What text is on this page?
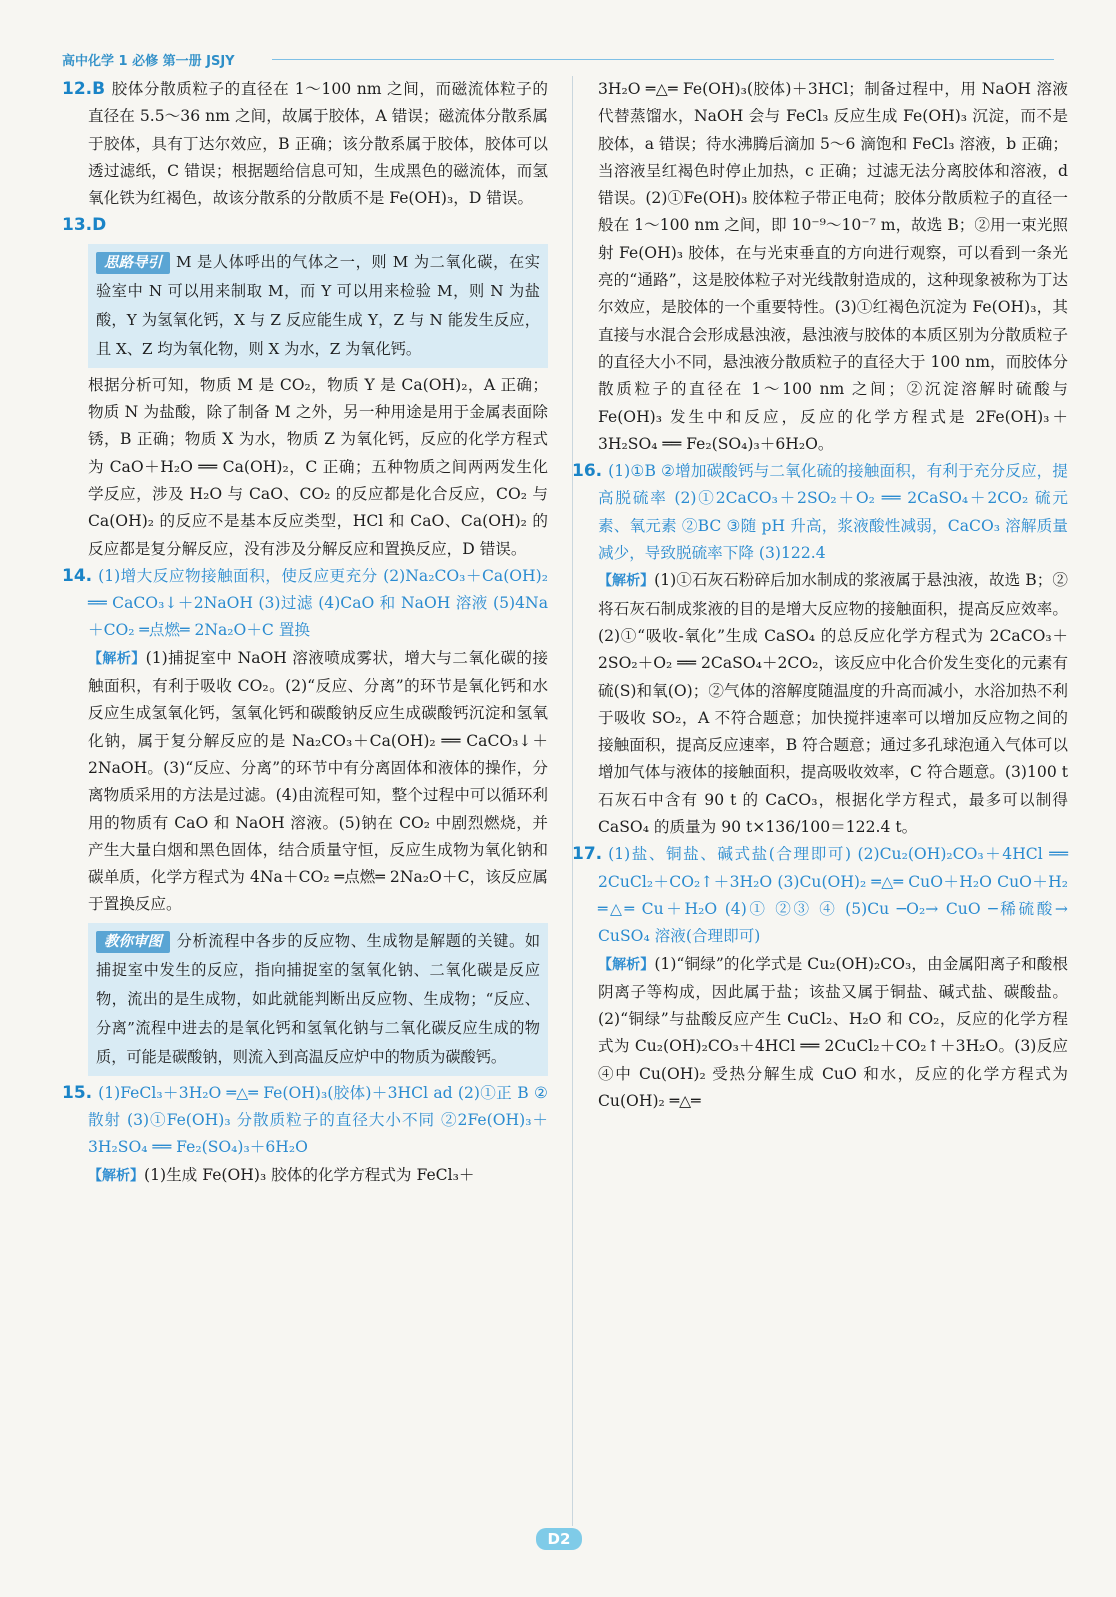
高中化学 1 必修 第一册 JSJY

12.B 胶体分散质粒子的直径在 1～100 nm 之间，而磁流体粒子的直径在 5.5～36 nm 之间，故属于胶体，A 错误；磁流体分散系属于胶体，具有丁达尔效应，B 正确；该分散系属于胶体，胶体可以透过滤纸，C 错误；根据题给信息可知，生成黑色的磁流体，而氢氧化铁为红褐色，故该分散系的分散质不是 Fe(OH)₃，D 错误。

13.D

思路导引 M 是人体呼出的气体之一，则 M 为二氧化碳，在实验室中 N 可以用来制取 M，而 Y 可以用来检验 M，则 N 为盐酸，Y 为氢氧化钙，X 与 Z 反应能生成 Y，Z 与 N 能发生反应，且 X、Z 均为氧化物，则 X 为水，Z 为氧化钙。

根据分析可知，物质 M 是 CO₂，物质 Y 是 Ca(OH)₂，A 正确；物质 N 为盐酸，除了制备 M 之外，另一种用途是用于金属表面除锈，B 正确；物质 X 为水，物质 Z 为氧化钙，反应的化学方程式为 CaO＋H₂O ══ Ca(OH)₂，C 正确；五种物质之间两两发生化学反应，涉及 H₂O 与 CaO、CO₂ 的反应都是化合反应，CO₂ 与 Ca(OH)₂ 的反应不是基本反应类型，HCl 和 CaO、Ca(OH)₂ 的反应都是复分解反应，没有涉及分解反应和置换反应，D 错误。

14. (1)增大反应物接触面积，使反应更充分 (2)Na₂CO₃＋Ca(OH)₂ ══ CaCO₃↓＋2NaOH (3)过滤 (4)CaO 和 NaOH 溶液 (5)4Na＋CO₂ ═点燃═ 2Na₂O＋C 置换

【解析】(1)捕捉室中 NaOH 溶液喷成雾状，增大与二氧化碳的接触面积，有利于吸收 CO₂。(2)“反应、分离”的环节是氧化钙和水反应生成氢氧化钙，氢氧化钙和碳酸钠反应生成碳酸钙沉淀和氢氧化钠，属于复分解反应的是 Na₂CO₃＋Ca(OH)₂ ══ CaCO₃↓＋2NaOH。(3)“反应、分离”的环节中有分离固体和液体的操作，分离物质采用的方法是过滤。(4)由流程可知，整个过程中可以循环利用的物质有 CaO 和 NaOH 溶液。(5)钠在 CO₂ 中剧烈燃烧，并产生大量白烟和黑色固体，结合质量守恒，反应生成物为氧化钠和碳单质，化学方程式为 4Na＋CO₂ ═点燃═ 2Na₂O＋C，该反应属于置换反应。

教你审图 分析流程中各步的反应物、生成物是解题的关键。如捕捉室中发生的反应，指向捕捉室的氢氧化钠、二氧化碳是反应物，流出的是生成物，如此就能判断出反应物、生成物；“反应、分离”流程中进去的是氧化钙和氢氧化钠与二氧化碳反应生成的物质，可能是碳酸钠，则流入到高温反应炉中的物质为碳酸钙。

15. (1)FeCl₃＋3H₂O ═△═ Fe(OH)₃(胶体)＋3HCl ad (2)①正 B ②散射 (3)①Fe(OH)₃ 分散质粒子的直径大小不同 ②2Fe(OH)₃＋3H₂SO₄ ══ Fe₂(SO₄)₃＋6H₂O

【解析】(1)生成 Fe(OH)₃ 胶体的化学方程式为 FeCl₃＋

3H₂O ═△═ Fe(OH)₃(胶体)＋3HCl；制备过程中，用 NaOH 溶液代替蒸馏水，NaOH 会与 FeCl₃ 反应生成 Fe(OH)₃ 沉淀，而不是胶体，a 错误；待水沸腾后滴加 5～6 滴饱和 FeCl₃ 溶液，b 正确；当溶液呈红褐色时停止加热，c 正确；过滤无法分离胶体和溶液，d 错误。(2)①Fe(OH)₃ 胶体粒子带正电荷；胶体分散质粒子的直径一般在 1～100 nm 之间，即 10⁻⁹～10⁻⁷ m，故选 B；②用一束光照射 Fe(OH)₃ 胶体，在与光束垂直的方向进行观察，可以看到一条光亮的“通路”，这是胶体粒子对光线散射造成的，这种现象被称为丁达尔效应，是胶体的一个重要特性。(3)①红褐色沉淀为 Fe(OH)₃，其直接与水混合会形成悬浊液，悬浊液与胶体的本质区别为分散质粒子的直径大小不同，悬浊液分散质粒子的直径大于 100 nm，而胶体分散质粒子的直径在 1～100 nm 之间；②沉淀溶解时硫酸与 Fe(OH)₃ 发生中和反应，反应的化学方程式是 2Fe(OH)₃＋3H₂SO₄ ══ Fe₂(SO₄)₃＋6H₂O。

16. (1)①B ②增加碳酸钙与二氧化硫的接触面积，有利于充分反应，提高脱硫率 (2)①2CaCO₃＋2SO₂＋O₂ ══ 2CaSO₄＋2CO₂ 硫元素、氧元素 ②BC ③随 pH 升高，浆液酸性减弱，CaCO₃ 溶解质量减少，导致脱硫率下降 (3)122.4

【解析】(1)①石灰石粉碎后加水制成的浆液属于悬浊液，故选 B；②将石灰石制成浆液的目的是增大反应物的接触面积，提高反应效率。(2)①“吸收-氧化”生成 CaSO₄ 的总反应化学方程式为 2CaCO₃＋2SO₂＋O₂ ══ 2CaSO₄＋2CO₂，该反应中化合价发生变化的元素有硫(S)和氧(O)；②气体的溶解度随温度的升高而减小，水浴加热不利于吸收 SO₂，A 不符合题意；加快搅拌速率可以增加反应物之间的接触面积，提高反应速率，B 符合题意；通过多孔球泡通入气体可以增加气体与液体的接触面积，提高吸收效率，C 符合题意。(3)100 t 石灰石中含有 90 t 的 CaCO₃，根据化学方程式，最多可以制得 CaSO₄ 的质量为 90 t×136/100＝122.4 t。

17. (1)盐、铜盐、碱式盐(合理即可) (2)Cu₂(OH)₂CO₃＋4HCl ══ 2CuCl₂＋CO₂↑＋3H₂O (3)Cu(OH)₂ ═△═ CuO＋H₂O CuO＋H₂ ═△═ Cu＋H₂O (4)① ②③ ④ (5)Cu ─O₂→ CuO ─稀硫酸→ CuSO₄ 溶液(合理即可)

【解析】(1)“铜绿”的化学式是 Cu₂(OH)₂CO₃，由金属阳离子和酸根阴离子等构成，因此属于盐；该盐又属于铜盐、碱式盐、碳酸盐。(2)“铜绿”与盐酸反应产生 CuCl₂、H₂O 和 CO₂，反应的化学方程式为 Cu₂(OH)₂CO₃＋4HCl ══ 2CuCl₂＋CO₂↑＋3H₂O。(3)反应④中 Cu(OH)₂ 受热分解生成 CuO 和水，反应的化学方程式为 Cu(OH)₂ ═△═

D2
